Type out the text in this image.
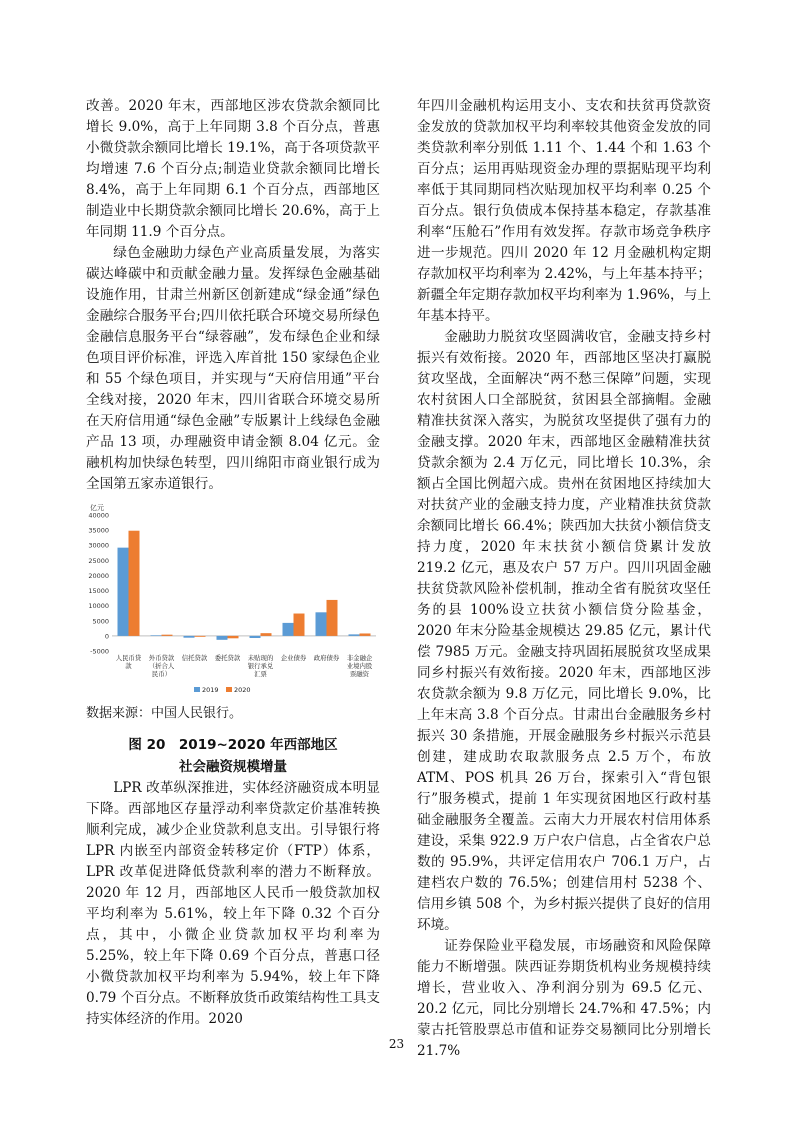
改善。2020 年末，西部地区涉农贷款余额同比增长 9.0%，高于上年同期 3.8 个百分点，普惠小微贷款余额同比增长 19.1%，高于各项贷款平均增速 7.6 个百分点;制造业贷款余额同比增长 8.4%，高于上年同期 6.1 个百分点，西部地区制造业中长期贷款余额同比增长 20.6%，高于上年同期 11.9 个百分点。

绿色金融助力绿色产业高质量发展，为落实碳达峰碳中和贡献金融力量。发挥绿色金融基础设施作用，甘肃兰州新区创新建成“绿金通”绿色金融综合服务平台;四川依托联合环境交易所绿色金融信息服务平台“绿蓉融”，发布绿色企业和绿色项目评价标准，评选入库首批 150 家绿色企业和 55 个绿色项目，并实现与“天府信用通”平台全线对接，2020 年末，四川省联合环境交易所在天府信用通“绿色金融”专版累计上线绿色金融产品 13 项，办理融资申请金额 8.04 亿元。金融机构加快绿色转型，四川绵阳市商业银行成为全国第五家赤道银行。

亿元
40000
35000
30000
25000
20000
15000
10000
5000
0
-5000
人民币贷
款
外币贷款
（折合人
民币）
信托贷款 委托贷款 未贴现的
银行承兑
汇票
企业债券 政府债券 非金融企
业境内股
票融资
2019 2020

数据来源：中国人民银行。

图 20　2019~2020 年西部地区
社会融资规模增量

LPR 改革纵深推进，实体经济融资成本明显下降。西部地区存量浮动利率贷款定价基准转换顺利完成，减少企业贷款利息支出。引导银行将 LPR 内嵌至内部资金转移定价（FTP）体系，LPR 改革促进降低贷款利率的潜力不断释放。2020 年 12 月，西部地区人民币一般贷款加权平均利率为 5.61%，较上年下降 0.32 个百分点，其中，小微企业贷款加权平均利率为 5.25%，较上年下降 0.69 个百分点，普惠口径小微贷款加权平均利率为 5.94%，较上年下降 0.79 个百分点。不断释放货币政策结构性工具支持实体经济的作用。2020

年四川金融机构运用支小、支农和扶贫再贷款资金发放的贷款加权平均利率较其他资金发放的同类贷款利率分别低 1.11 个、1.44 个和 1.63 个百分点；运用再贴现资金办理的票据贴现平均利率低于其同期同档次贴现加权平均利率 0.25 个百分点。银行负债成本保持基本稳定，存款基准利率“压舱石”作用有效发挥。存款市场竞争秩序进一步规范。四川 2020 年 12 月金融机构定期存款加权平均利率为 2.42%，与上年基本持平；新疆全年定期存款加权平均利率为 1.96%，与上年基本持平。

金融助力脱贫攻坚圆满收官，金融支持乡村振兴有效衔接。2020 年，西部地区坚决打赢脱贫攻坚战，全面解决“两不愁三保障”问题，实现农村贫困人口全部脱贫，贫困县全部摘帽。金融精准扶贫深入落实，为脱贫攻坚提供了强有力的金融支撑。2020 年末，西部地区金融精准扶贫贷款余额为 2.4 万亿元，同比增长 10.3%，余额占全国比例超六成。贵州在贫困地区持续加大对扶贫产业的金融支持力度，产业精准扶贫贷款余额同比增长 66.4%；陕西加大扶贫小额信贷支持力度，2020 年末扶贫小额信贷累计发放 219.2 亿元，惠及农户 57 万户。四川巩固金融扶贫贷款风险补偿机制，推动全省有脱贫攻坚任务的县 100%设立扶贫小额信贷分险基金，2020 年末分险基金规模达 29.85 亿元，累计代偿 7985 万元。金融支持巩固拓展脱贫攻坚成果同乡村振兴有效衔接。2020 年末，西部地区涉农贷款余额为 9.8 万亿元，同比增长 9.0%，比上年末高 3.8 个百分点。甘肃出台金融服务乡村振兴 30 条措施，开展金融服务乡村振兴示范县创建，建成助农取款服务点 2.5 万个，布放 ATM、POS 机具 26 万台，探索引入“背包银行”服务模式，提前 1 年实现贫困地区行政村基础金融服务全覆盖。云南大力开展农村信用体系建设，采集 922.9 万户农户信息，占全省农户总数的 95.9%，共评定信用农户 706.1 万户，占建档农户数的 76.5%；创建信用村 5238 个、信用乡镇 508 个，为乡村振兴提供了良好的信用环境。

证券保险业平稳发展，市场融资和风险保障能力不断增强。陕西证券期货机构业务规模持续增长，营业收入、净利润分别为 69.5 亿元、20.2 亿元，同比分别增长 24.7%和 47.5%；内蒙古托管股票总市值和证券交易额同比分别增长 21.7%

23
